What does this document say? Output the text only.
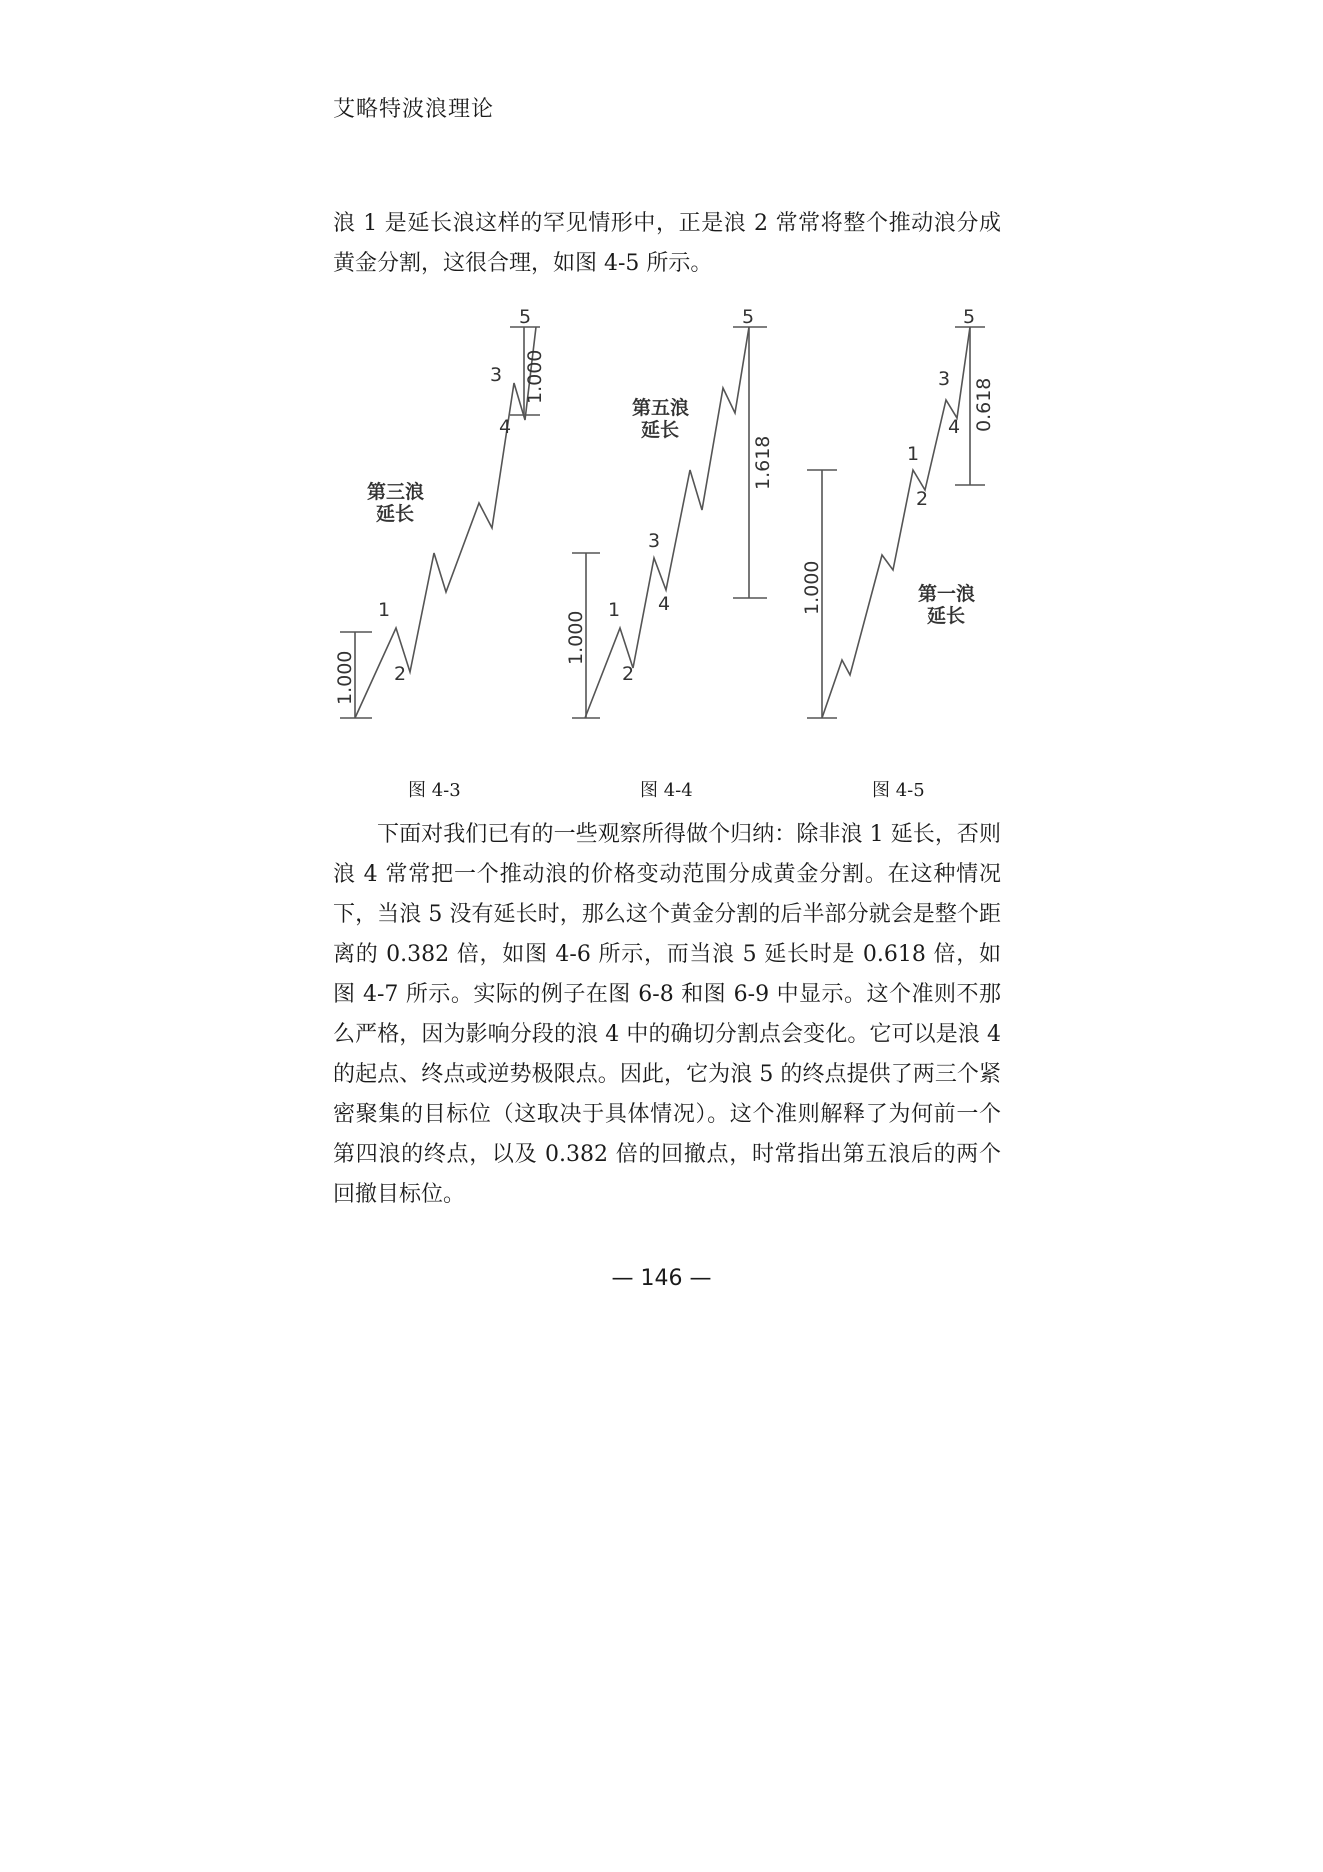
艾略特波浪理论

浪 1 是延长浪这样的罕见情形中，正是浪 2 常常将整个推动浪分成黄金分割，这很合理，如图 4-5 所示。

1
2
3
4
5
1.000
1.000
第三浪
延长
1
2
3
4
5
1.000
1.618
第五浪
延长
1
2
3
4
5
1.000
0.618
第一浪
延长
图 4-3	图 4-4	图 4-5

下面对我们已有的一些观察所得做个归纳：除非浪 1 延长，否则浪 4 常常把一个推动浪的价格变动范围分成黄金分割。在这种情况下，当浪 5 没有延长时，那么这个黄金分割的后半部分就会是整个距离的 0.382 倍，如图 4-6 所示，而当浪 5 延长时是 0.618 倍，如图 4-7 所示。实际的例子在图 6-8 和图 6-9 中显示。这个准则不那么严格，因为影响分段的浪 4 中的确切分割点会变化。它可以是浪 4 的起点、终点或逆势极限点。因此，它为浪 5 的终点提供了两三个紧密聚集的目标位（这取决于具体情况）。这个准则解释了为何前一个第四浪的终点，以及 0.382 倍的回撤点，时常指出第五浪后的两个回撤目标位。

— 146 —
